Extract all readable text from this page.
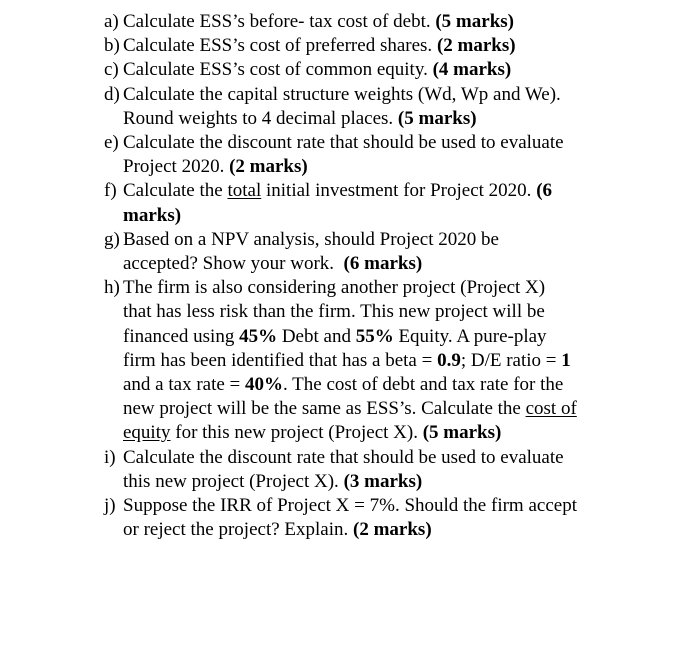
a) Calculate ESS’s before- tax cost of debt. (5 marks)
b) Calculate ESS’s cost of preferred shares. (2 marks)
c) Calculate ESS’s cost of common equity. (4 marks)
d) Calculate the capital structure weights (Wd, Wp and We).
Round weights to 4 decimal places. (5 marks)
e) Calculate the discount rate that should be used to evaluate
Project 2020. (2 marks)
f) Calculate the total initial investment for Project 2020. (6
marks)
g) Based on a NPV analysis, should Project 2020 be
accepted? Show your work.  (6 marks)
h) The firm is also considering another project (Project X)
that has less risk than the firm. This new project will be
financed using 45% Debt and 55% Equity. A pure-play
firm has been identified that has a beta = 0.9; D/E ratio = 1
and a tax rate = 40%. The cost of debt and tax rate for the
new project will be the same as ESS’s. Calculate the cost of
equity for this new project (Project X). (5 marks)
i) Calculate the discount rate that should be used to evaluate
this new project (Project X). (3 marks)
j) Suppose the IRR of Project X = 7%. Should the firm accept
or reject the project? Explain. (2 marks)
